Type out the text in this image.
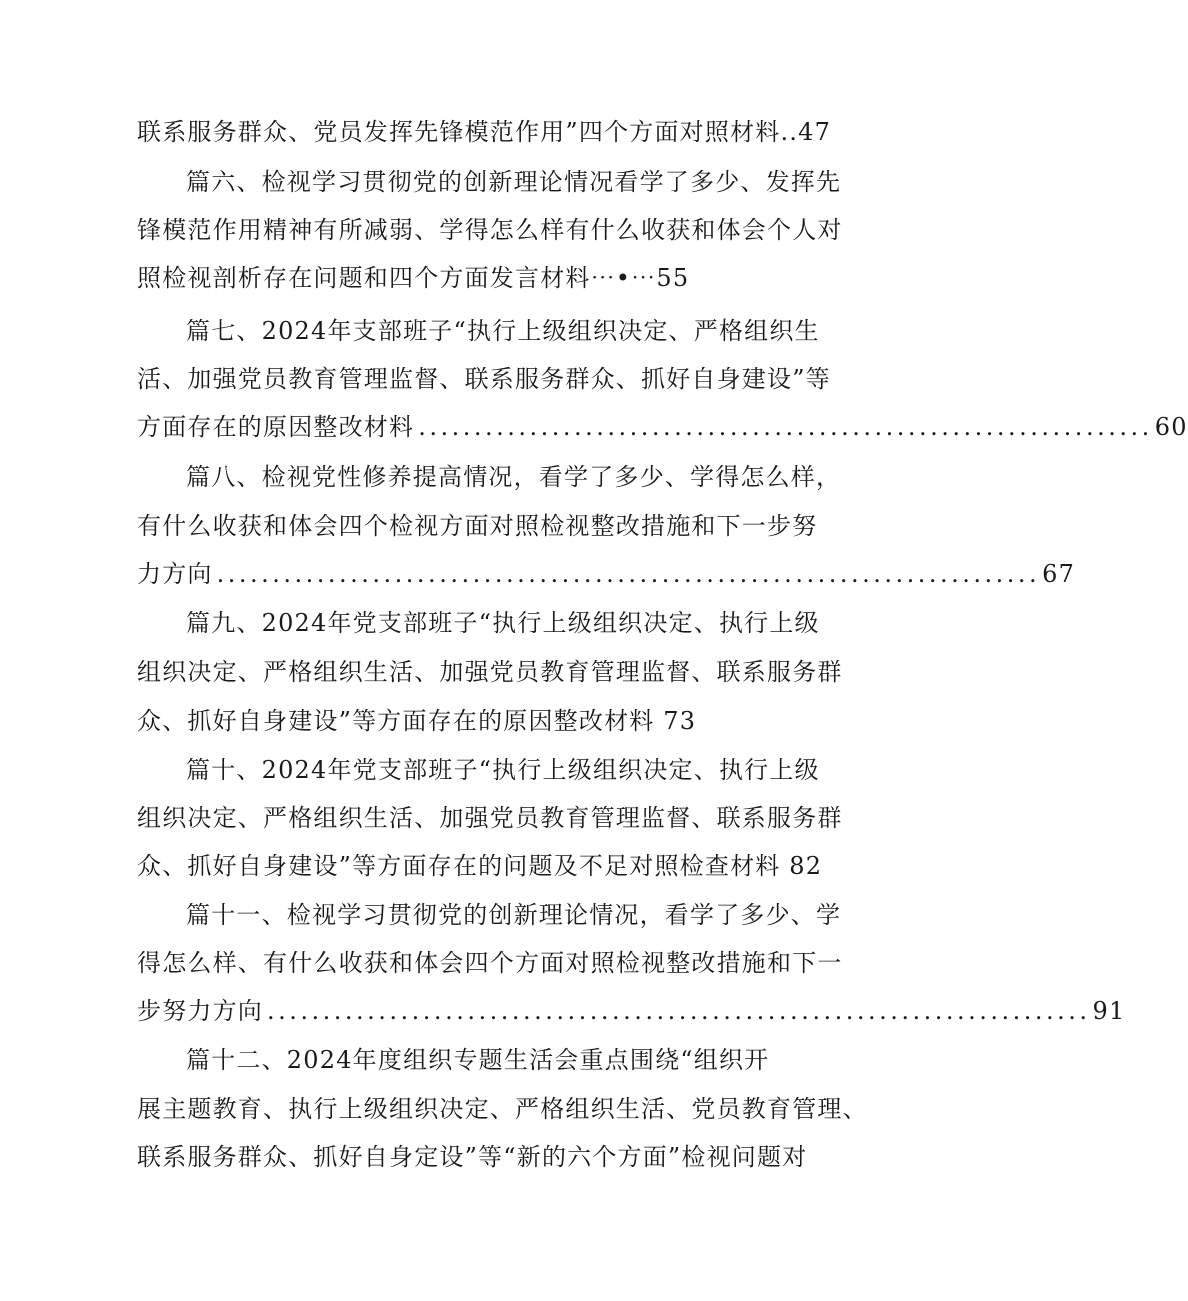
联系服务群众、党员发挥先锋模范作用”四个方面对照材料..47
篇六、检视学习贯彻党的创新理论情况看学了多少、发挥先
锋模范作用精神有所减弱、学得怎么样有什么收获和体会个人对
照检视剖析存在问题和四个方面发言材料⋯•⋯55
篇七、2024年支部班子“执行上级组织决定、严格组织生
活、加强党员教育管理监督、联系服务群众、抓好自身建设”等
方面存在的原因整改材料 .................................................................. 60
篇八、检视党性修养提高情况，看学了多少、学得怎么样，
有什么收获和体会四个检视方面对照检视整改措施和下一步努
力方向 .......................................................................... 67
篇九、2024年党支部班子“执行上级组织决定、执行上级
组织决定、严格组织生活、加强党员教育管理监督、联系服务群
众、抓好自身建设”等方面存在的原因整改材料 73
篇十、2024年党支部班子“执行上级组织决定、执行上级
组织决定、严格组织生活、加强党员教育管理监督、联系服务群
众、抓好自身建设”等方面存在的问题及不足对照检查材料 82
篇十一、检视学习贯彻党的创新理论情况，看学了多少、学
得怎么样、有什么收获和体会四个方面对照检视整改措施和下一
步努力方向 .......................................................................... 91
篇十二、2024年度组织专题生活会重点围绕“组织开
展主题教育、执行上级组织决定、严格组织生活、党员教育管理、
联系服务群众、抓好自身定设”等“新的六个方面”检视问题对
